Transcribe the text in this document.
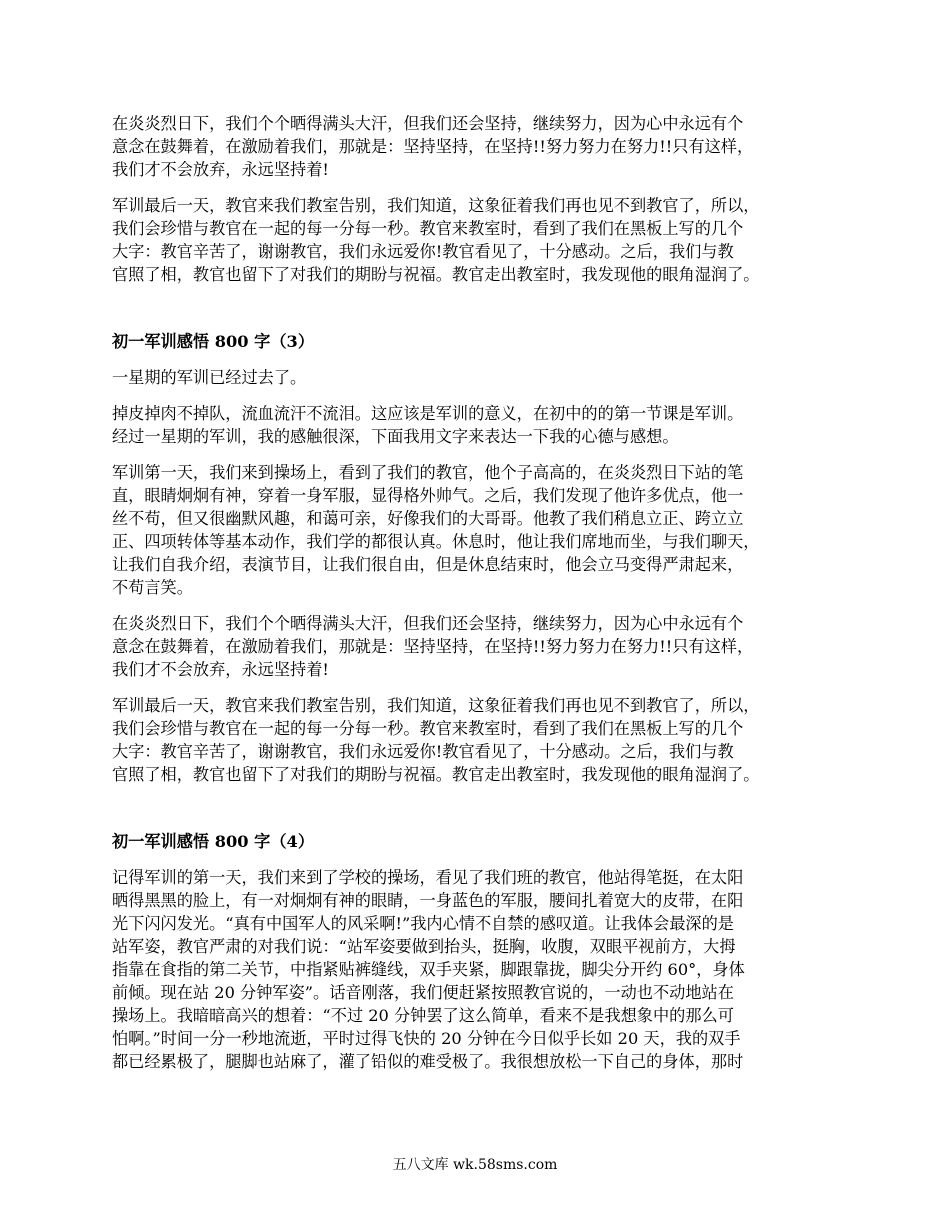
在炎炎烈日下，我们个个晒得满头大汗，但我们还会坚持，继续努力，因为心中永远有个
意念在鼓舞着，在激励着我们，那就是：坚持坚持，在坚持!!努力努力在努力!!只有这样，
我们才不会放弃，永远坚持着!

军训最后一天，教官来我们教室告别，我们知道，这象征着我们再也见不到教官了，所以，
我们会珍惜与教官在一起的每一分每一秒。教官来教室时，看到了我们在黑板上写的几个
大字：教官辛苦了，谢谢教官，我们永远爱你!教官看见了，十分感动。之后，我们与教
官照了相，教官也留下了对我们的期盼与祝福。教官走出教室时，我发现他的眼角湿润了。

初一军训感悟 800 字（3）

一星期的军训已经过去了。

掉皮掉肉不掉队，流血流汗不流泪。这应该是军训的意义，在初中的的第一节课是军训。
经过一星期的军训，我的感触很深，下面我用文字来表达一下我的心德与感想。

军训第一天，我们来到操场上，看到了我们的教官，他个子高高的，在炎炎烈日下站的笔
直，眼睛炯炯有神，穿着一身军服，显得格外帅气。之后，我们发现了他许多优点，他一
丝不苟，但又很幽默风趣，和蔼可亲，好像我们的大哥哥。他教了我们稍息立正、跨立立
正、四项转体等基本动作，我们学的都很认真。休息时，他让我们席地而坐，与我们聊天，
让我们自我介绍，表演节目，让我们很自由，但是休息结束时，他会立马变得严肃起来，
不苟言笑。

在炎炎烈日下，我们个个晒得满头大汗，但我们还会坚持，继续努力，因为心中永远有个
意念在鼓舞着，在激励着我们，那就是：坚持坚持，在坚持!!努力努力在努力!!只有这样，
我们才不会放弃，永远坚持着!

军训最后一天，教官来我们教室告别，我们知道，这象征着我们再也见不到教官了，所以，
我们会珍惜与教官在一起的每一分每一秒。教官来教室时，看到了我们在黑板上写的几个
大字：教官辛苦了，谢谢教官，我们永远爱你!教官看见了，十分感动。之后，我们与教
官照了相，教官也留下了对我们的期盼与祝福。教官走出教室时，我发现他的眼角湿润了。

初一军训感悟 800 字（4）

记得军训的第一天，我们来到了学校的操场，看见了我们班的教官，他站得笔挺，在太阳
晒得黑黑的脸上，有一对炯炯有神的眼睛，一身蓝色的军服，腰间扎着宽大的皮带，在阳
光下闪闪发光。“真有中国军人的风采啊!”我内心情不自禁的感叹道。让我体会最深的是
站军姿，教官严肃的对我们说：“站军姿要做到抬头，挺胸，收腹，双眼平视前方，大拇
指靠在食指的第二关节，中指紧贴裤缝线，双手夹紧，脚跟靠拢，脚尖分开约 60°，身体
前倾。现在站 20 分钟军姿”。话音刚落，我们便赶紧按照教官说的，一动也不动地站在
操场上。我暗暗高兴的想着：“不过 20 分钟罢了这么简单，看来不是我想象中的那么可
怕啊。”时间一分一秒地流逝，平时过得飞快的 20 分钟在今日似乎长如 20 天，我的双手
都已经累极了，腿脚也站麻了，灌了铅似的难受极了。我很想放松一下自己的身体，那时

五八文库 wk.58sms.com
